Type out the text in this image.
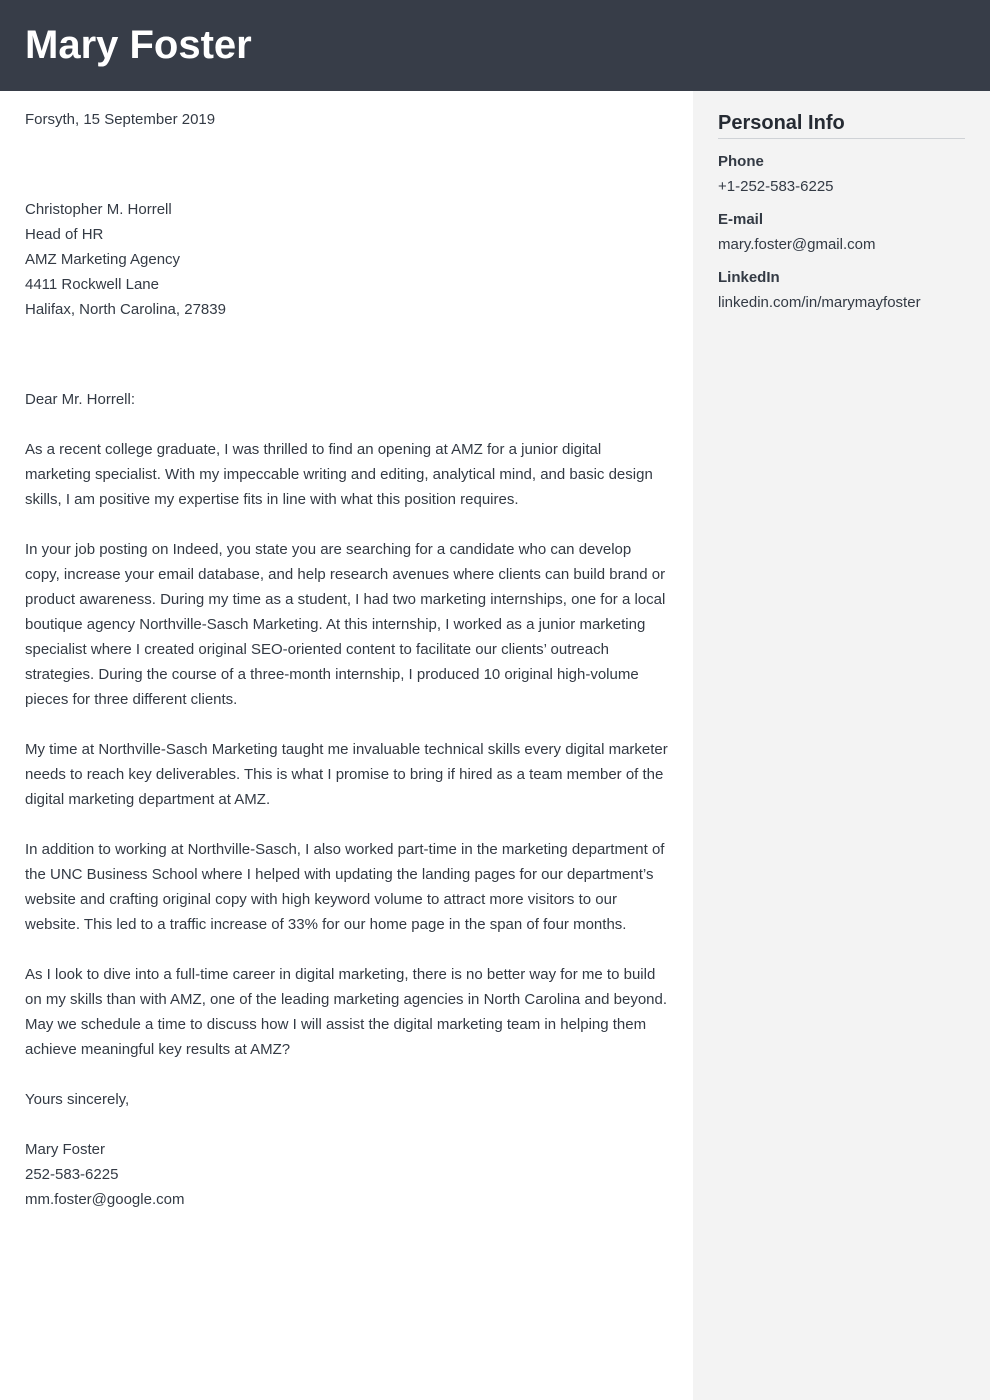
Mary Foster

Forsyth, 15 September 2019

Christopher M. Horrell
Head of HR
AMZ Marketing Agency
4411 Rockwell Lane
Halifax, North Carolina, 27839

Dear Mr. Horrell:

As a recent college graduate, I was thrilled to find an opening at AMZ for a junior digital marketing specialist. With my impeccable writing and editing, analytical mind, and basic design skills, I am positive my expertise fits in line with what this position requires.

In your job posting on Indeed, you state you are searching for a candidate who can develop copy, increase your email database, and help research avenues where clients can build brand or product awareness. During my time as a student, I had two marketing internships, one for a local boutique agency Northville-Sasch Marketing. At this internship, I worked as a junior marketing specialist where I created original SEO-oriented content to facilitate our clients’ outreach strategies. During the course of a three-month internship, I produced 10 original high-volume pieces for three different clients.

My time at Northville-Sasch Marketing taught me invaluable technical skills every digital marketer needs to reach key deliverables. This is what I promise to bring if hired as a team member of the digital marketing department at AMZ.

In addition to working at Northville-Sasch, I also worked part-time in the marketing department of the UNC Business School where I helped with updating the landing pages for our department’s website and crafting original copy with high keyword volume to attract more visitors to our website. This led to a traffic increase of 33% for our home page in the span of four months.

As I look to dive into a full-time career in digital marketing, there is no better way for me to build on my skills than with AMZ, one of the leading marketing agencies in North Carolina and beyond. May we schedule a time to discuss how I will assist the digital marketing team in helping them achieve meaningful key results at AMZ?

Yours sincerely,

Mary Foster
252-583-6225
mm.foster@google.com
Personal Info
Phone
+1-252-583-6225
E-mail
mary.foster@gmail.com
LinkedIn
linkedin.com/in/marymayfoster
